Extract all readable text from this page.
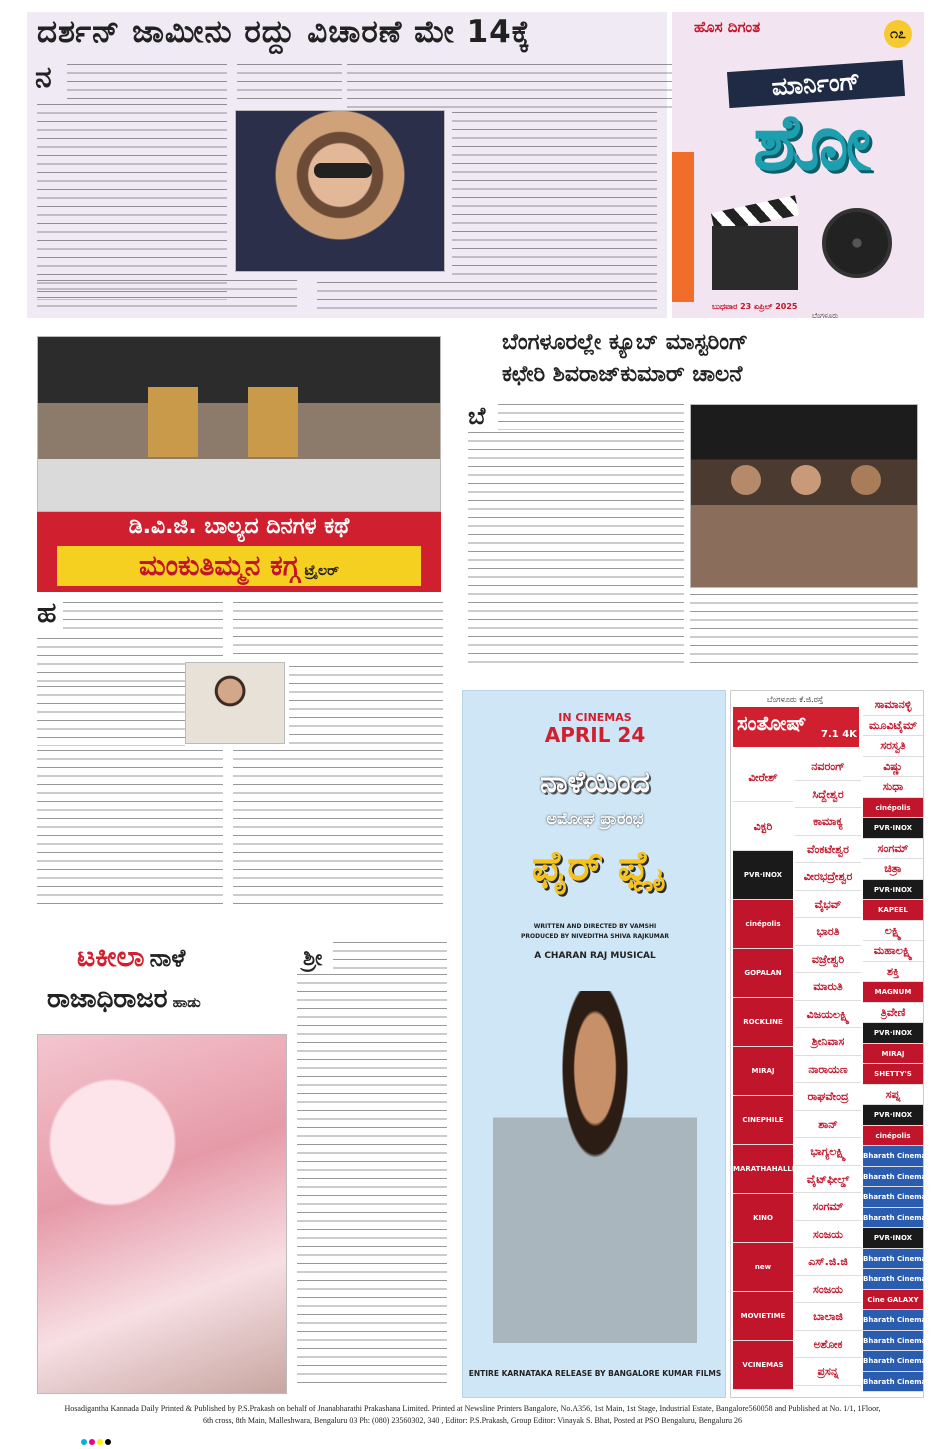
ದರ್ಶನ್ ಜಾಮೀನು ರದ್ದು ವಿಚಾರಣೆ ಮೇ 14ಕ್ಕೆ
ನ
ಹೊಸ ದಿಗಂತ	೧೭
ಮಾರ್ನಿಂಗ್
ಶೋ
ಬುಧವಾರ 23 ಏಪ್ರಿಲ್ 2025
ಬೆಂಗಳೂರು
ಡಿ.ವಿ.ಜಿ. ಬಾಲ್ಯದ ದಿನಗಳ ಕಥೆ
ಮಂಕುತಿಮ್ಮನ ಕಗ್ಗ ಟ್ರೈಲರ್
ಹ
ಟಕೀಲಾ ನಾಳೆ
ರಾಜಾಧಿರಾಜರ ಹಾಡು
ಶ್ರೀ
ಬೆಂಗಳೂರಲ್ಲೇ ಕ್ಯೂಬ್ ಮಾಸ್ಟರಿಂಗ್
ಕಛೇರಿ ಶಿವರಾಜ್‌ಕುಮಾರ್ ಚಾಲನೆ
ಬೆ
IN CINEMAS
APRIL 24
ನಾಳೆಯಿಂದ
ಅಮೋಘ ಪ್ರಾರಂಭ
ಫೈರ್ ಫ್ಲೈ
WRITTEN AND DIRECTED BY VAMSHI
PRODUCED BY NIVEDITHA SHIVA RAJKUMAR
A CHARAN RAJ MUSICAL
ENTIRE KARNATAKA RELEASE BY BANGALORE KUMAR FILMS
ಬೆಂಗಳೂರು ಕೆ.ಜಿ.ರಸ್ತೆ
ಸಂತೋಷ್ 7.1 4K
ವೀರೇಶ್
ವಿಕ್ಟರಿ
PVR·INOX
cinépolis
GOPALAN
ROCKLINE
MIRAJ
CINEPHILE
MARATHAHALLI
KINO
new
MOVIETIME
VCINEMAS
ನವರಂಗ್
ಸಿದ್ದೇಶ್ವರ
ಕಾಮಾಕ್ಯ
ವೆಂಕಟೇಶ್ವರ
ವೀರಭದ್ರೇಶ್ವರ
ವೈಭವ್
ಭಾರತಿ
ವಜ್ರೇಶ್ವರಿ
ಮಾರುತಿ
ವಿಜಯಲಕ್ಷ್ಮಿ
ಶ್ರೀನಿವಾಸ
ನಾರಾಯಣ
ರಾಘವೇಂದ್ರ
ಶಾನ್
ಭಾಗ್ಯಲಕ್ಷ್ಮಿ
ವೈಟ್‌ಫೀಲ್ಡ್
ಸಂಗಮ್
ಸಂಜಯ
ಎಸ್.ಜಿ.ಜಿ
ಸಂಜಯ
ಬಾಲಾಜಿ
ಅಶೋಕ
ಪ್ರಸನ್ನ
ಸಾಮಾನಳ್ಳಿ
ಮೂವಿಟೈಮ್
ಸರಸ್ವತಿ
ವಿಷ್ಣು
ಸುಧಾ
cinépolis
PVR·INOX
ಸಂಗಮ್
ಚಿತ್ರಾ
PVR·INOX
KAPEEL
ಲಕ್ಷ್ಮಿ
ಮಹಾಲಕ್ಷ್ಮಿ
ಶಕ್ತಿ
MAGNUM
ತ್ರಿವೇಣಿ
PVR·INOX
MIRAJ
SHETTY'S
ಸಪ್ನ
PVR·INOX
cinépolis
Bharath Cinemas
Bharath Cinemas
Bharath Cinemas
Bharath Cinemas
PVR·INOX
Bharath Cinemas
Bharath Cinemas
Cine GALAXY
Bharath Cinemas
Bharath Cinemas
Bharath Cinemas
Bharath Cinemas
Hosadigantha Kannada Daily Printed & Published by P.S.Prakash on behalf of Jnanabharathi Prakashana Limited. Printed at Newsline Printers Bangalore, No.A356, 1st Main, 1st Stage, Industrial Estate, Bangalore560058 and Published at No. 1/1, 1Floor,
6th cross, 8th Main, Malleshwara, Bengaluru 03 Ph: (080) 23560302, 340 , Editor: P.S.Prakash, Group Editor: Vinayak S. Bhat, Posted at PSO Bengaluru, Bengaluru 26
